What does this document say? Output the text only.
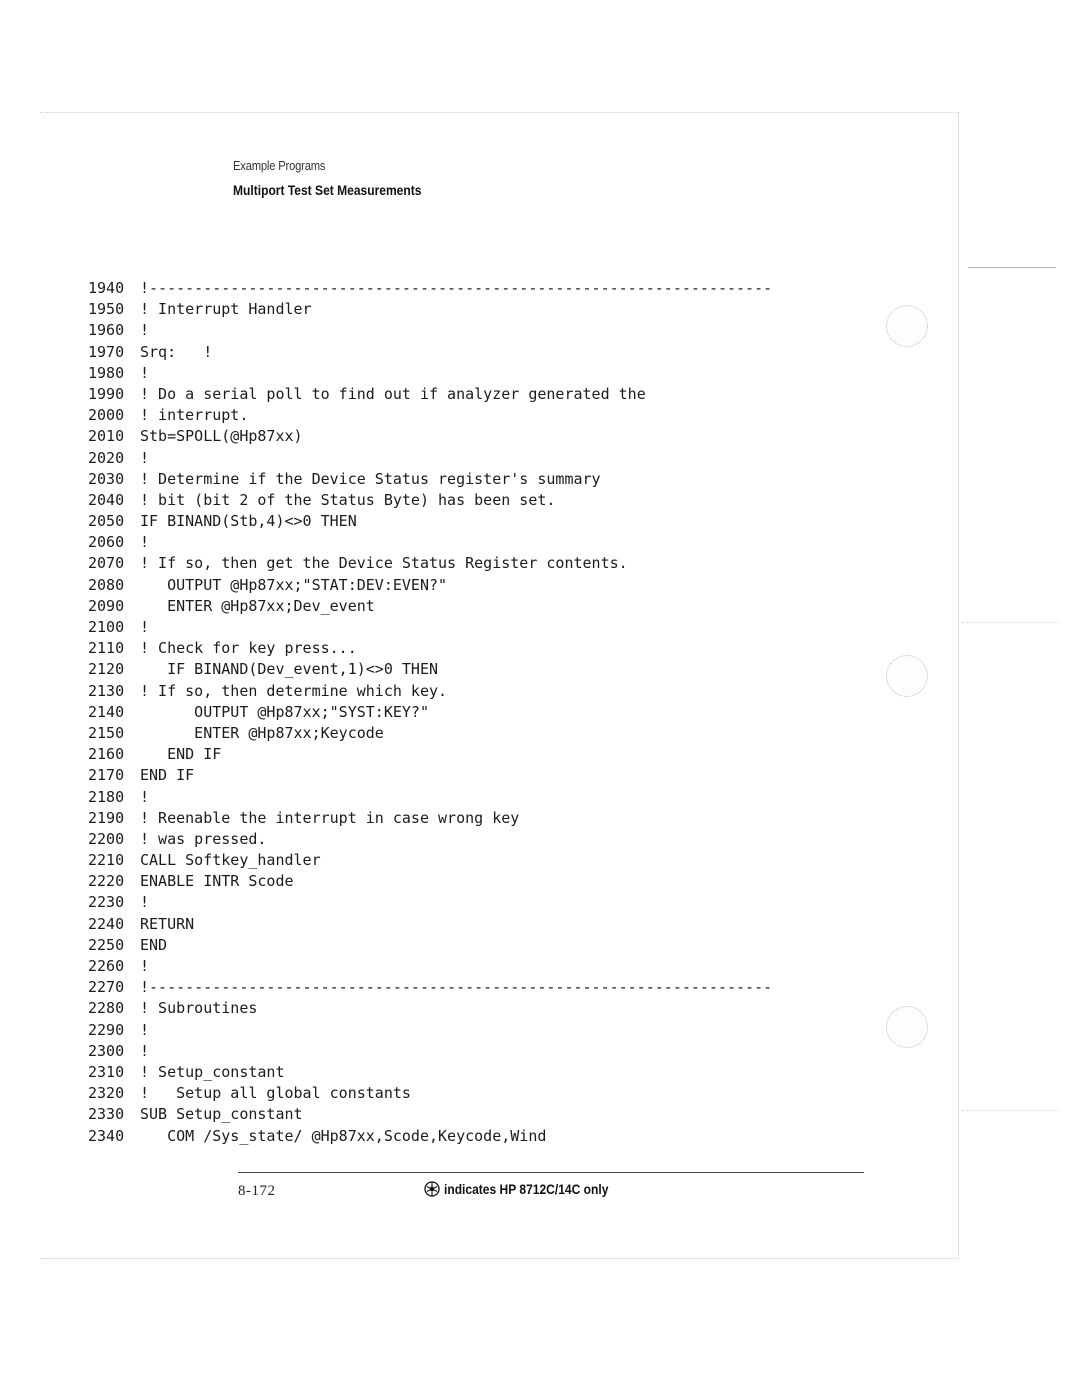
Example Programs
Multiport Test Set Measurements
1940	!---------------------------------------------------------------------
1950	! Interrupt Handler
1960	!
1970	Srq:   !
1980	!
1990	! Do a serial poll to find out if analyzer generated the
2000	! interrupt.
2010	Stb=SPOLL(@Hp87xx)
2020	!
2030	! Determine if the Device Status register's summary
2040	! bit (bit 2 of the Status Byte) has been set.
2050	IF BINAND(Stb,4)<>0 THEN
2060	!
2070	! If so, then get the Device Status Register contents.
2080	OUTPUT @Hp87xx;"STAT:DEV:EVEN?"
2090	ENTER @Hp87xx;Dev_event
2100	!
2110	! Check for key press...
2120	IF BINAND(Dev_event,1)<>0 THEN
2130	! If so, then determine which key.
2140	OUTPUT @Hp87xx;"SYST:KEY?"
2150	ENTER @Hp87xx;Keycode
2160	END IF
2170	END IF
2180	!
2190	! Reenable the interrupt in case wrong key
2200	! was pressed.
2210	CALL Softkey_handler
2220	ENABLE INTR Scode
2230	!
2240	RETURN
2250	END
2260	!
2270	!---------------------------------------------------------------------
2280	! Subroutines
2290	!
2300	!
2310	! Setup_constant
2320	!   Setup all global constants
2330	SUB Setup_constant
2340	COM /Sys_state/ @Hp87xx,Scode,Keycode,Wind
8-172	indicates HP 8712C/14C only
